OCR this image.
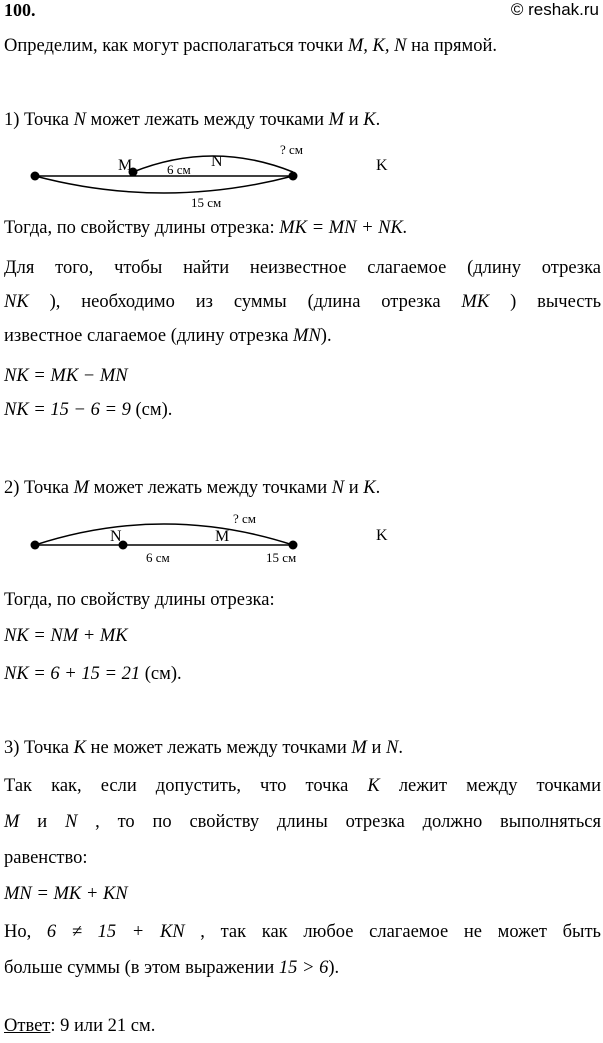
100.	© reshak.ru
Определим, как могут располагаться точки M, K, N на прямой.
1) Точка N может лежать между точками M и K.
M	N	K
6 см
? см
15 см
Тогда, по свойству длины отрезка: MK = MN + NK.
Для того, чтобы найти неизвестное слагаемое (длину отрезка
NK ), необходимо из суммы (длина отрезка MK ) вычесть
известное слагаемое (длину отрезка MN).
NK = MK − MN
NK = 15 − 6 = 9 (см).
2) Точка M может лежать между точками N и K.
N	M	K
6 см
? см
15 см
Тогда, по свойству длины отрезка:
NK = NM + MK
NK = 6 + 15 = 21 (см).
3) Точка K не может лежать между точками M и N.
Так как, если допустить, что точка K лежит между точками
M и N , то по свойству длины отрезка должно выполняться
равенство:
MN = MK + KN
Но, 6 ≠ 15 + KN , так как любое слагаемое не может быть
больше суммы (в этом выражении 15 > 6).
Ответ: 9 или 21 см.
